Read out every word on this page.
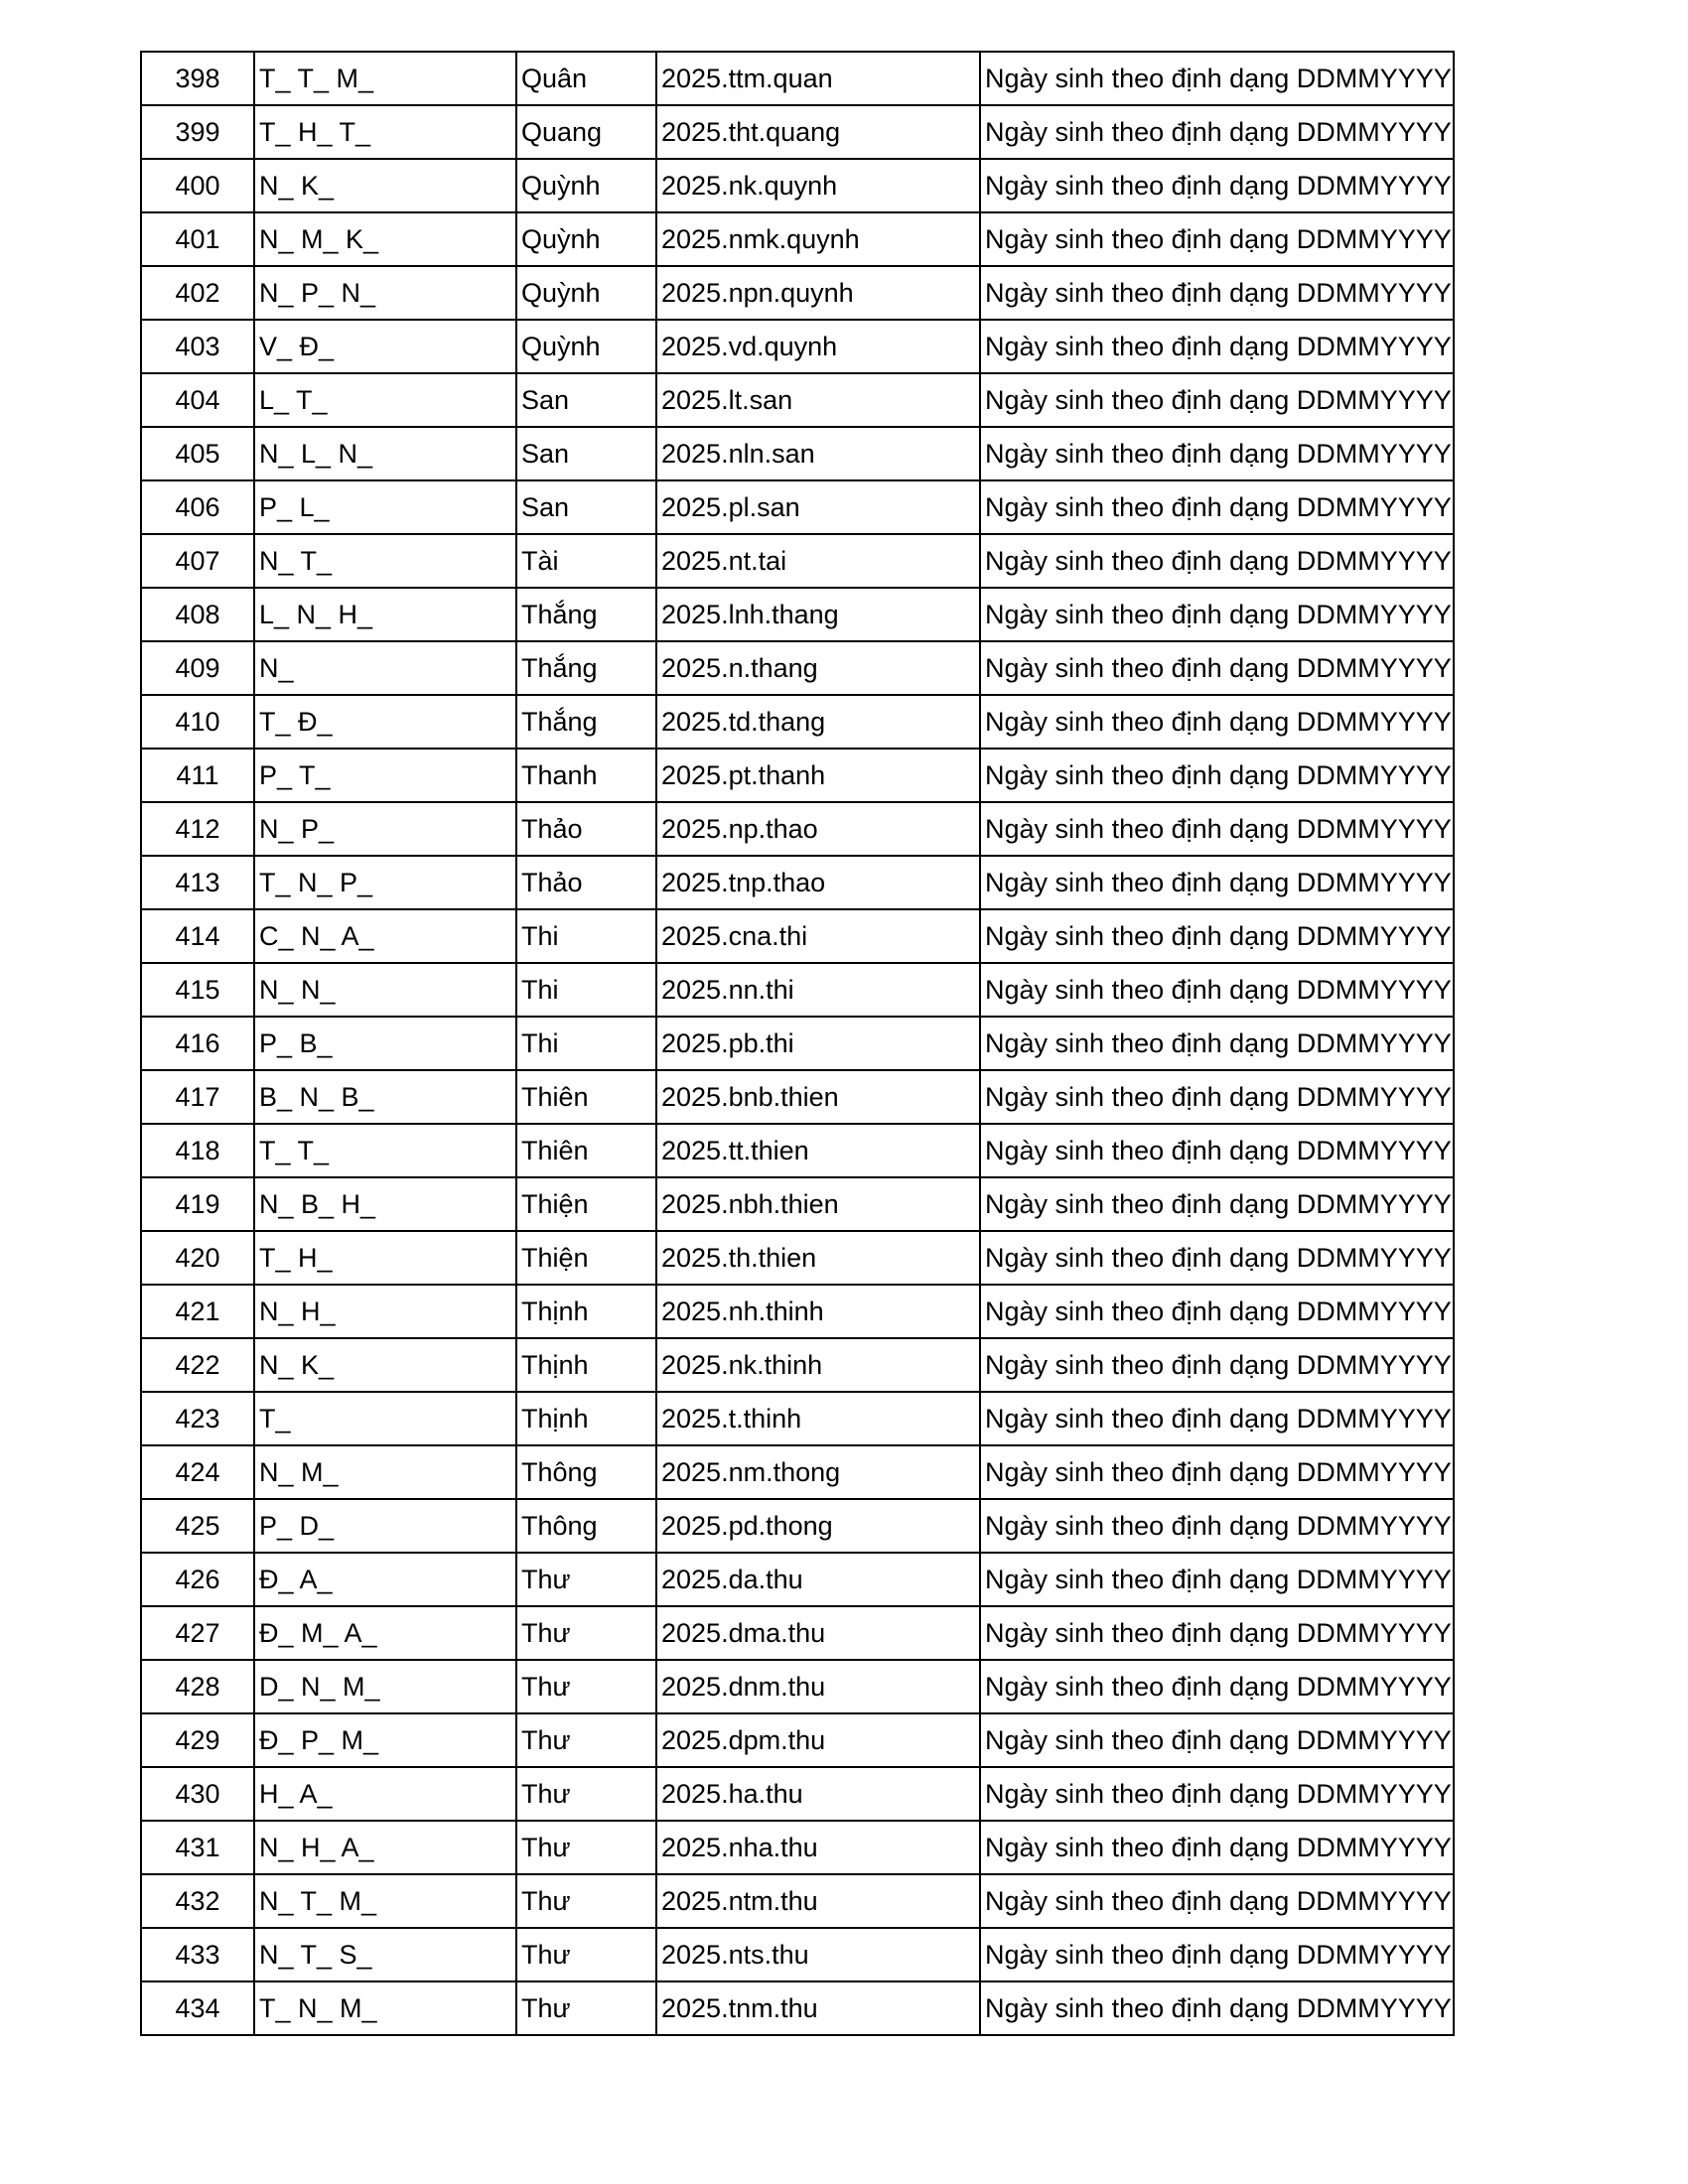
398	T_ T_ M_	Quân	2025.ttm.quan	Ngày sinh theo định dạng DDMMYYYY
399	T_ H_ T_	Quang	2025.tht.quang	Ngày sinh theo định dạng DDMMYYYY
400	N_ K_	Quỳnh	2025.nk.quynh	Ngày sinh theo định dạng DDMMYYYY
401	N_ M_ K_	Quỳnh	2025.nmk.quynh	Ngày sinh theo định dạng DDMMYYYY
402	N_ P_ N_	Quỳnh	2025.npn.quynh	Ngày sinh theo định dạng DDMMYYYY
403	V_ Đ_	Quỳnh	2025.vd.quynh	Ngày sinh theo định dạng DDMMYYYY
404	L_ T_	San	2025.lt.san	Ngày sinh theo định dạng DDMMYYYY
405	N_ L_ N_	San	2025.nln.san	Ngày sinh theo định dạng DDMMYYYY
406	P_ L_	San	2025.pl.san	Ngày sinh theo định dạng DDMMYYYY
407	N_ T_	Tài	2025.nt.tai	Ngày sinh theo định dạng DDMMYYYY
408	L_ N_ H_	Thắng	2025.lnh.thang	Ngày sinh theo định dạng DDMMYYYY
409	N_	Thắng	2025.n.thang	Ngày sinh theo định dạng DDMMYYYY
410	T_ Đ_	Thắng	2025.td.thang	Ngày sinh theo định dạng DDMMYYYY
411	P_ T_	Thanh	2025.pt.thanh	Ngày sinh theo định dạng DDMMYYYY
412	N_ P_	Thảo	2025.np.thao	Ngày sinh theo định dạng DDMMYYYY
413	T_ N_ P_	Thảo	2025.tnp.thao	Ngày sinh theo định dạng DDMMYYYY
414	C_ N_ A_	Thi	2025.cna.thi	Ngày sinh theo định dạng DDMMYYYY
415	N_ N_	Thi	2025.nn.thi	Ngày sinh theo định dạng DDMMYYYY
416	P_ B_	Thi	2025.pb.thi	Ngày sinh theo định dạng DDMMYYYY
417	B_ N_ B_	Thiên	2025.bnb.thien	Ngày sinh theo định dạng DDMMYYYY
418	T_ T_	Thiên	2025.tt.thien	Ngày sinh theo định dạng DDMMYYYY
419	N_ B_ H_	Thiện	2025.nbh.thien	Ngày sinh theo định dạng DDMMYYYY
420	T_ H_	Thiện	2025.th.thien	Ngày sinh theo định dạng DDMMYYYY
421	N_ H_	Thịnh	2025.nh.thinh	Ngày sinh theo định dạng DDMMYYYY
422	N_ K_	Thịnh	2025.nk.thinh	Ngày sinh theo định dạng DDMMYYYY
423	T_	Thịnh	2025.t.thinh	Ngày sinh theo định dạng DDMMYYYY
424	N_ M_	Thông	2025.nm.thong	Ngày sinh theo định dạng DDMMYYYY
425	P_ D_	Thông	2025.pd.thong	Ngày sinh theo định dạng DDMMYYYY
426	Đ_ A_	Thư	2025.da.thu	Ngày sinh theo định dạng DDMMYYYY
427	Đ_ M_ A_	Thư	2025.dma.thu	Ngày sinh theo định dạng DDMMYYYY
428	D_ N_ M_	Thư	2025.dnm.thu	Ngày sinh theo định dạng DDMMYYYY
429	Đ_ P_ M_	Thư	2025.dpm.thu	Ngày sinh theo định dạng DDMMYYYY
430	H_ A_	Thư	2025.ha.thu	Ngày sinh theo định dạng DDMMYYYY
431	N_ H_ A_	Thư	2025.nha.thu	Ngày sinh theo định dạng DDMMYYYY
432	N_ T_ M_	Thư	2025.ntm.thu	Ngày sinh theo định dạng DDMMYYYY
433	N_ T_ S_	Thư	2025.nts.thu	Ngày sinh theo định dạng DDMMYYYY
434	T_ N_ M_	Thư	2025.tnm.thu	Ngày sinh theo định dạng DDMMYYYY
